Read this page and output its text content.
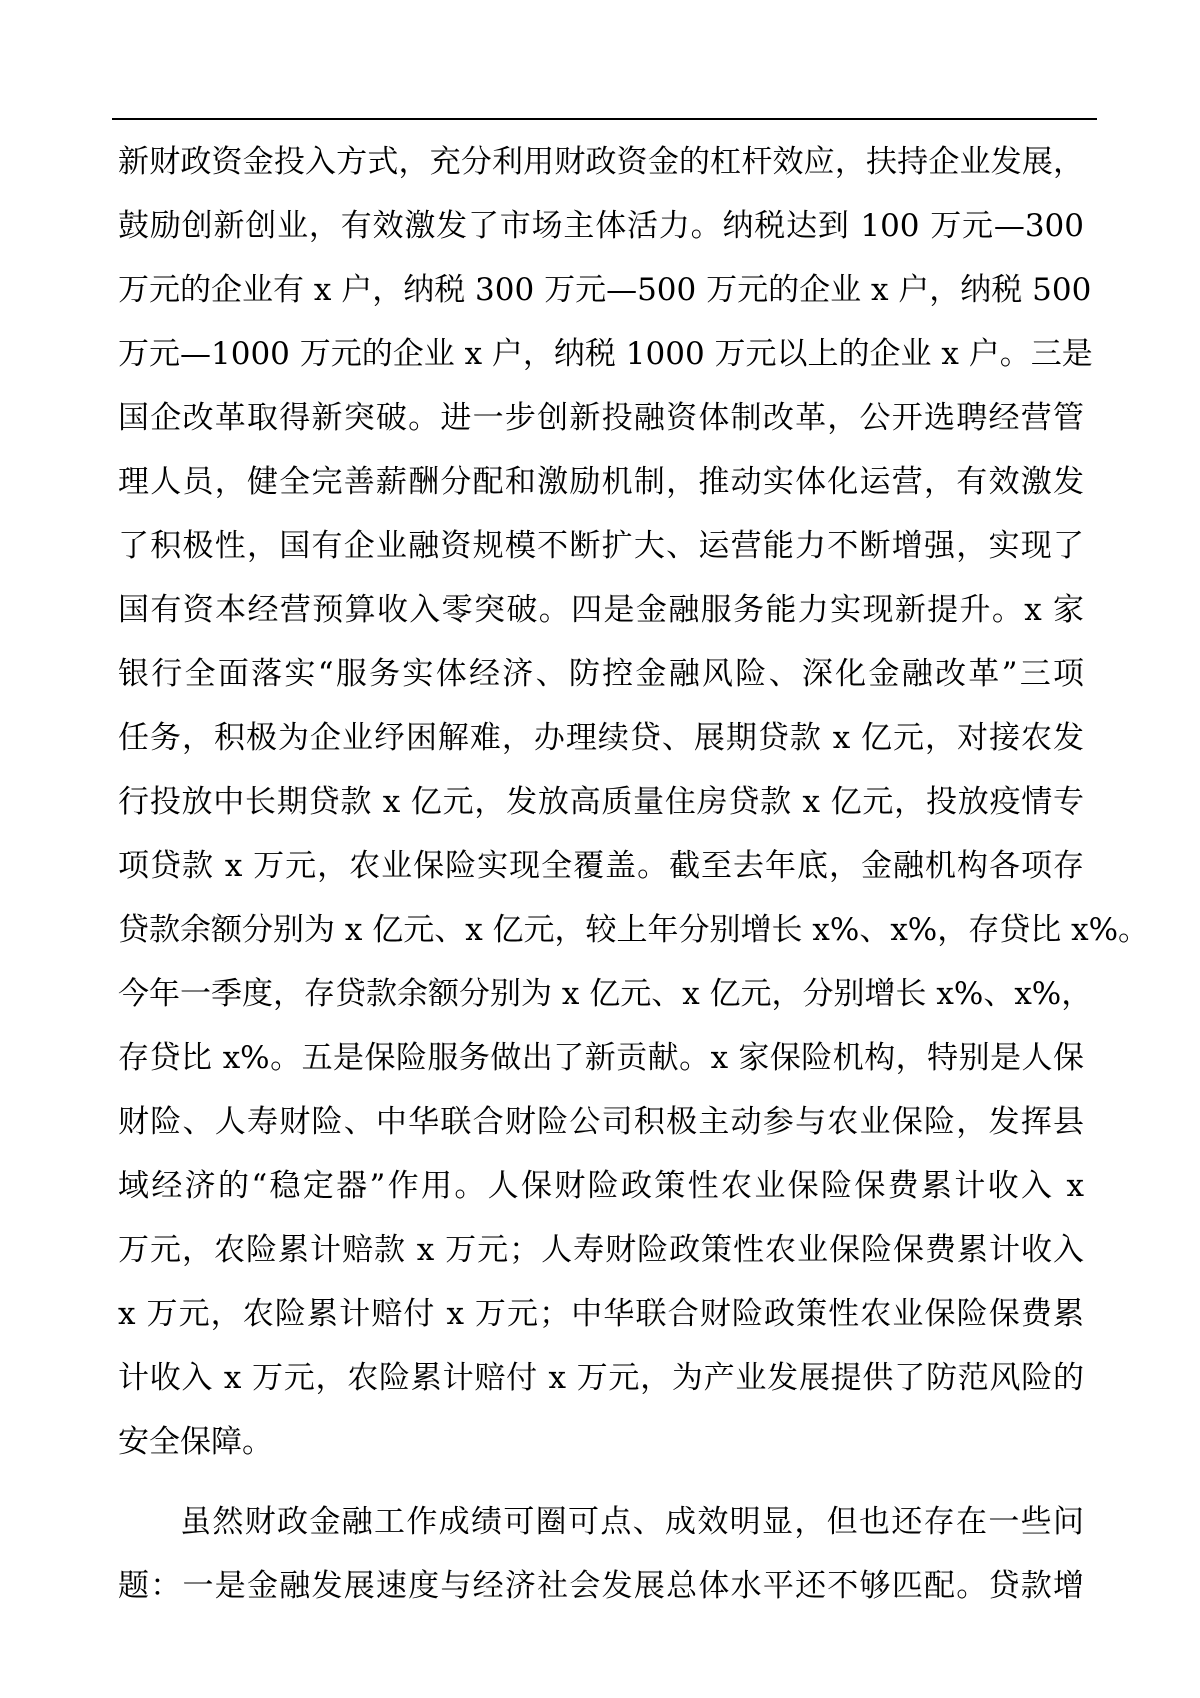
新财政资金投入方式，充分利用财政资金的杠杆效应，扶持企业发展，
鼓励创新创业，有效激发了市场主体活力。纳税达到 100 万元—300
万元的企业有 x 户，纳税 300 万元—500 万元的企业 x 户，纳税 500
万元—1000 万元的企业 x 户，纳税 1000 万元以上的企业 x 户。三是
国企改革取得新突破。进一步创新投融资体制改革，公开选聘经营管
理人员，健全完善薪酬分配和激励机制，推动实体化运营，有效激发
了积极性，国有企业融资规模不断扩大、运营能力不断增强，实现了
国有资本经营预算收入零突破。四是金融服务能力实现新提升。x 家
银行全面落实“服务实体经济、防控金融风险、深化金融改革”三项
任务，积极为企业纾困解难，办理续贷、展期贷款 x 亿元，对接农发
行投放中长期贷款 x 亿元，发放高质量住房贷款 x 亿元，投放疫情专
项贷款 x 万元，农业保险实现全覆盖。截至去年底，金融机构各项存
贷款余额分别为 x 亿元、x 亿元，较上年分别增长 x%、x%，存贷比 x%。
今年一季度，存贷款余额分别为 x 亿元、x 亿元，分别增长 x%、x%，
存贷比 x%。五是保险服务做出了新贡献。x 家保险机构，特别是人保
财险、人寿财险、中华联合财险公司积极主动参与农业保险，发挥县
域经济的“稳定器”作用。人保财险政策性农业保险保费累计收入 x
万元，农险累计赔款 x 万元；人寿财险政策性农业保险保费累计收入
x 万元，农险累计赔付 x 万元；中华联合财险政策性农业保险保费累
计收入 x 万元，农险累计赔付 x 万元，为产业发展提供了防范风险的
安全保障。
虽然财政金融工作成绩可圈可点、成效明显，但也还存在一些问
题：一是金融发展速度与经济社会发展总体水平还不够匹配。贷款增
